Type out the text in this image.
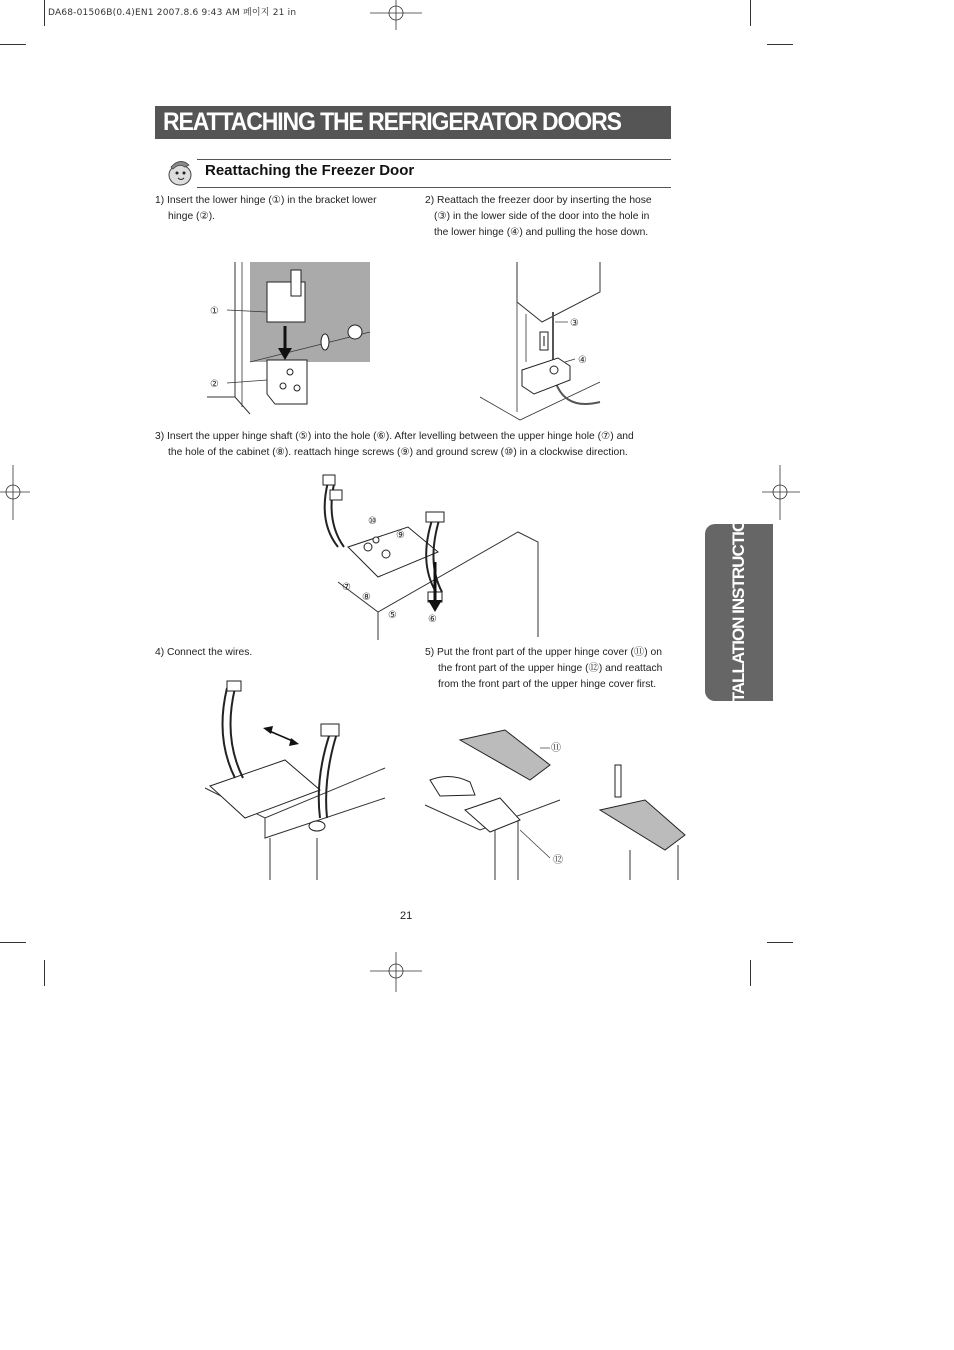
DA68-01506B(0.4)EN1 2007.8.6 9:43 AM 페이지 21 in
REATTACHING THE REFRIGERATOR DOORS
Reattaching the Freezer Door
1) Insert the lower hinge (①) in the bracket lower
hinge (②).
2) Reattach the freezer door by inserting the hose
(③) in the lower side of the door into the hole in
the lower hinge (④) and pulling the hose down.
①
②
③
④
3) Insert the upper hinge shaft (⑤) into the hole (⑥). After levelling between the upper hinge hole (⑦) and
the hole of the cabinet (⑧). reattach hinge screws (⑨) and ground screw (⑩) in a clockwise direction.
⑩
⑨
⑦
⑧
⑤	⑥
4) Connect the wires.	5) Put the front part of the upper hinge cover (⑪) on
the front part of the upper hinge (⑫) and reattach
from the front part of the upper hinge cover first.
⑪
⑫
INSTALLATION INSTRUCTIONS
21
